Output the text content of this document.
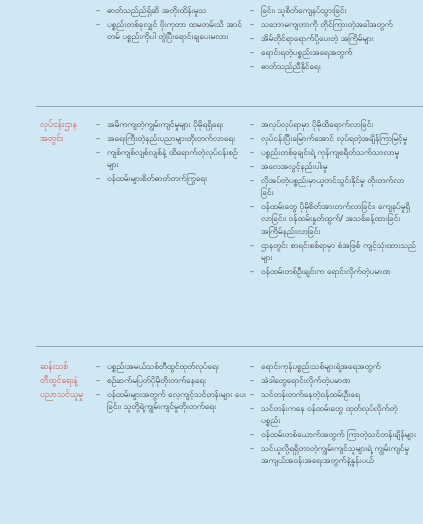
– ဓာတ်သည်ည်ရှ်ဆိ အတိုးထိန်းမှုသ
– ပစ္စည်းတစ်ခုလျှင် ဗိုးကုတာ ထမတမ်းသိ အာင်တမ် ပစ္စည်းကိုပါ တွဲပြီးရောင်းချပေးမလား
– ခြင်း၊ သူစိတ်ကျေနပ်သွားခြင်း
– သဘောမကျတာကို တိုင်ကြားတဲ့အခါအတွက်
– အိမ်တိုင်ရာရောက်ပို့ပေးတဲ့ အကြိမ်များ
– ရောင်းရတဲ့ပစ္စည်းအရေအတွက်
– ဓာတ်သည်ညီနိုင်ရေး
လုပ်ငန်းဌာန အတွင်း
– အမိကကျတဲ့ကျွမ်းကျင်မှုများ ပိုမိုရရှိရေး
– အရေးကြီးတဲ့နည်းပညာများတိုးတက်လာရေး
– ကျစ်ကျစ်လျစ်လျစ်နဲ့ ထိရောက်တဲ့လုပ်ငန်းစဉ်များ
– ဝန်ထမ်းများစိတ်ဓာတ်တက်ကြွရေး
– အလုပ်လုပ်ရာမှာ ပိုမိုထိရောက်လာခြင်း
– လုပ်ငန်းပြီးမြောက်အောင် လုပ်ရတဲ့အချိန်ကြာမြင့်မှု
– ပစ္စည်းတစ်ခုချင်းရဲ့ ကုန်ကျစရိတ်သက်သာလာမှု
– အလေအလွင့်နည်းပါးမှု
– လိုအပ်တဲ့ပစ္စည်းမှာယူတင်သွင်းနိုင်မှု တိုးတက်လာခြင်း
– ဝန်ထမ်းတွေ ပိုမိုစိတ်အားတက်လာခြင်း၊ ကျေနပ်မှုရှိလာခြင်း၊ ဝန်ထမ်းနှုတ်ထွက်/ အသစ်ခန့်ထားခြင်း အကြိမ်နည်းလာခြင်း
– ဌာနတွင်း စာရင်းစစ်ရာမှာ စံအဖြစ် ကျင့်သုံးထားသည်များ
– ဝန်ထမ်းတစ်ဦးချင်းက ရောင်းလိုက်တဲ့ပမာဏ
ဆန်းသစ် တီထွင်ရေးနဲ့ ပညာသင်ယူမှု
– ပစ္စည်းအမယ်သစ်တီထွင်ထုတ်လုပ်ရေး
– စဉ်ဆက်မပြတ်ပိုမိုတိုးတက်နေရေး
– ဝန်ထမ်းများအတွက် လေ့ကျင့်သင်တန်းများ ပေးခြင်း၊ သူတို့ရဲ့ကျွမ်းကျင်မှုတိုးတက်ရေး
– ရောင်းကုန်ပစ္စည်းသစ်များရဲ့အရေအတွက်
– အဲဒါတွေရောင်းလိုက်တဲ့ပမာဏ
– သင်တန်းတက်နေတဲ့ဝန်ထမ်းဦးရေ
– သင်တန်းကနေ ဝန်ထမ်းတွေ ထုတ်လုပ်လိုက်တဲ့ပစ္စည်း
– ဝန်ထမ်းတစ်ယောက်အတွက် ကြာတဲ့သင်တန်းချိန်များ
– သင်ယူလို့ရရှိတာတဲ့ကျွမ်းကျင်သူများရဲ့ ကျွမ်းကျင်မှုအကျယ်အဝန်းအရေးအတွက်နဲ့နှုန်းပယ်
